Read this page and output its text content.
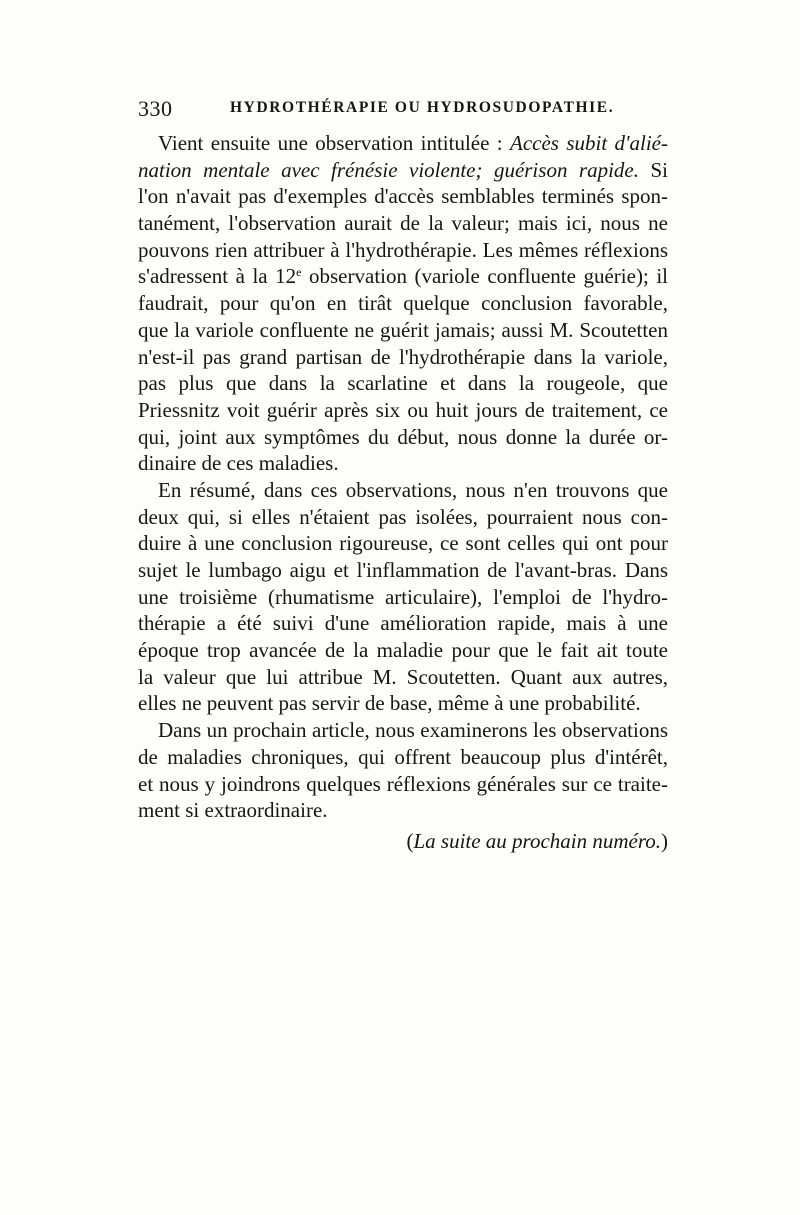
330	HYDROTHÉRAPIE OU HYDROSUDOPATHIE.
Vient ensuite une observation intitulée : Accès subit d'alié-
nation mentale avec frénésie violente; guérison rapide. Si
l'on n'avait pas d'exemples d'accès semblables terminés spon-
tanément, l'observation aurait de la valeur; mais ici, nous ne
pouvons rien attribuer à l'hydrothérapie. Les mêmes réflexions
s'adressent à la 12e observation (variole confluente guérie); il
faudrait, pour qu'on en tirât quelque conclusion favorable,
que la variole confluente ne guérit jamais; aussi M. Scoutetten
n'est-il pas grand partisan de l'hydrothérapie dans la variole,
pas plus que dans la scarlatine et dans la rougeole, que
Priessnitz voit guérir après six ou huit jours de traitement, ce
qui, joint aux symptômes du début, nous donne la durée or-
dinaire de ces maladies.
En résumé, dans ces observations, nous n'en trouvons que
deux qui, si elles n'étaient pas isolées, pourraient nous con-
duire à une conclusion rigoureuse, ce sont celles qui ont pour
sujet le lumbago aigu et l'inflammation de l'avant-bras. Dans
une troisième (rhumatisme articulaire), l'emploi de l'hydro-
thérapie a été suivi d'une amélioration rapide, mais à une
époque trop avancée de la maladie pour que le fait ait toute
la valeur que lui attribue M. Scoutetten. Quant aux autres,
elles ne peuvent pas servir de base, même à une probabilité.
Dans un prochain article, nous examinerons les observations
de maladies chroniques, qui offrent beaucoup plus d'intérêt,
et nous y joindrons quelques réflexions générales sur ce traite-
ment si extraordinaire.
(La suite au prochain numéro.)
